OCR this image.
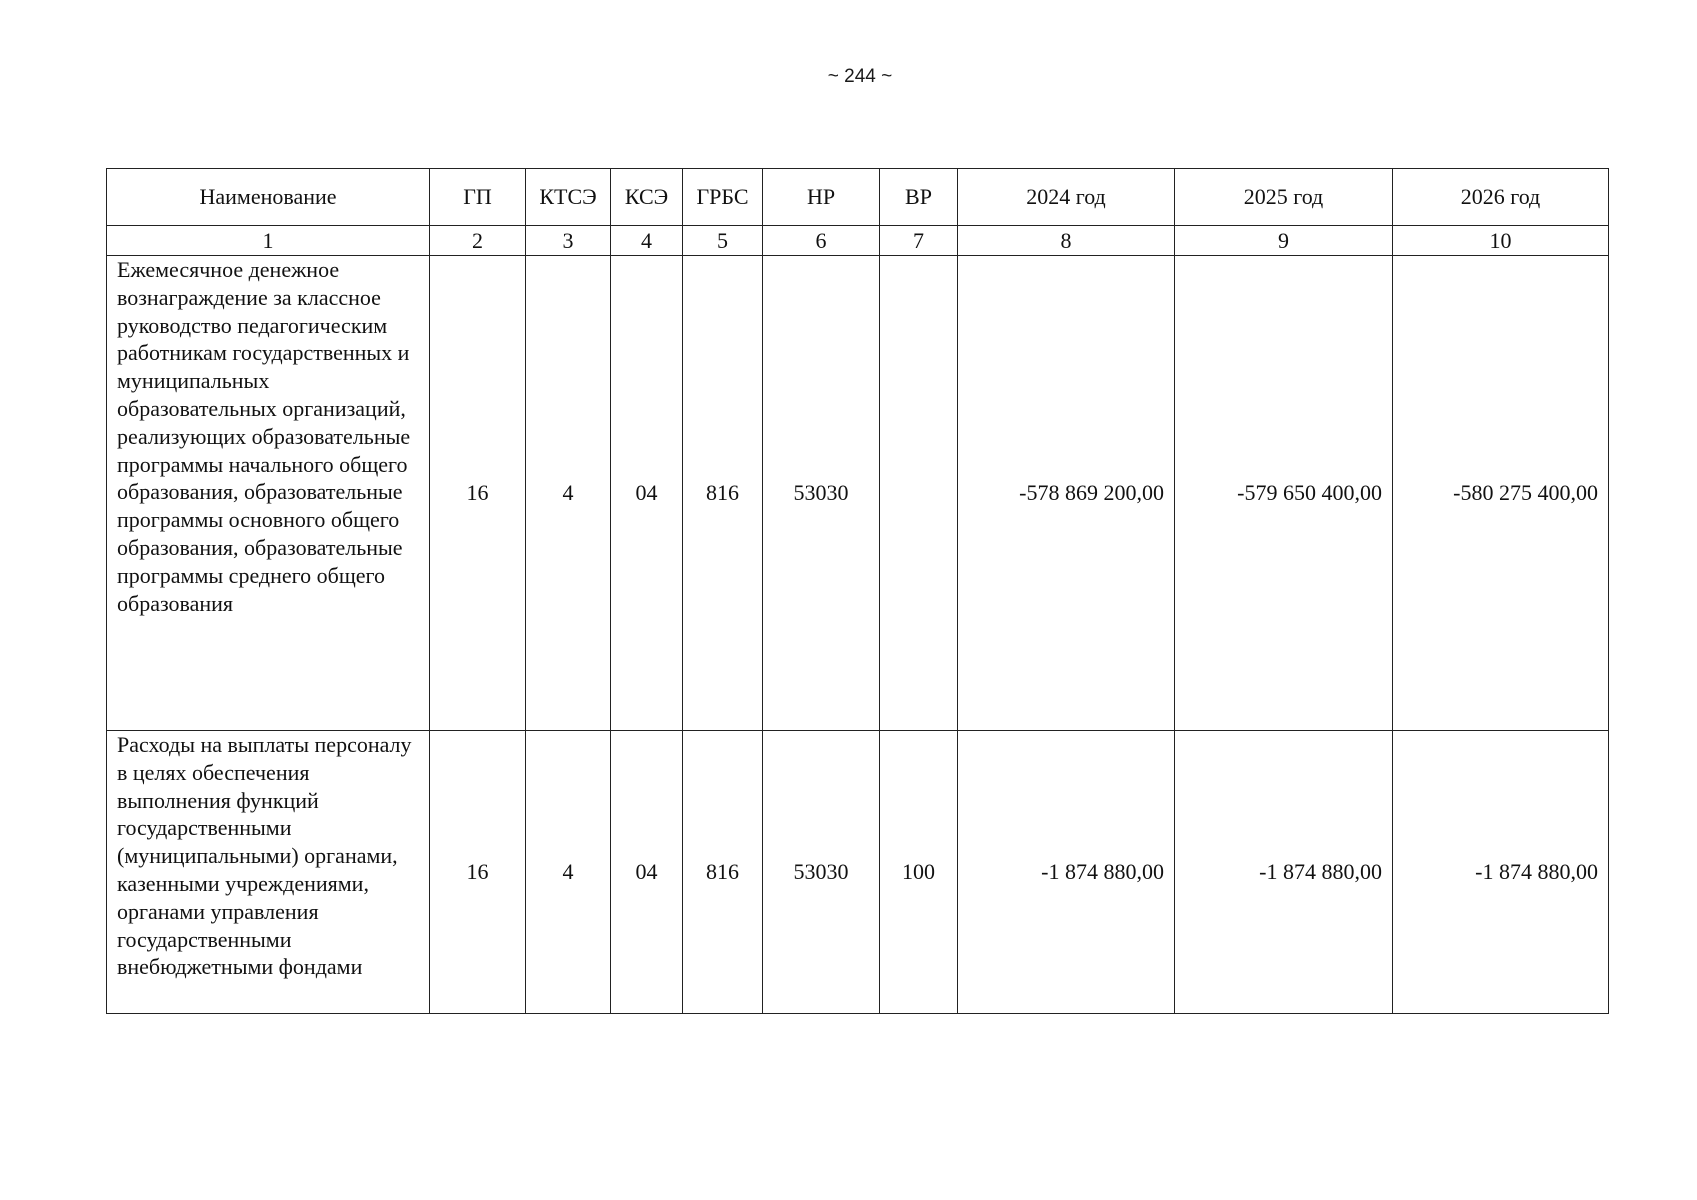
~ 244 ~
Наименование	ГП	КТСЭ	КСЭ	ГРБС	НР	ВР	2024 год	2025 год	2026 год
1	2	3	4	5	6	7	8	9	10
Ежемесячное денежное вознаграждение за классное руководство педагогическим работникам государственных и муниципальных образовательных организаций, реализующих образовательные программы начального общего образования, образовательные программы основного общего образования, образовательные программы среднего общего образования	16	4	04	816	53030		-578 869 200,00	-579 650 400,00	-580 275 400,00
Расходы на выплаты персоналу в целях обеспечения выполнения функций государственными (муниципальными) органами, казенными учреждениями, органами управления государственными внебюджетными фондами	16	4	04	816	53030	100	-1 874 880,00	-1 874 880,00	-1 874 880,00
